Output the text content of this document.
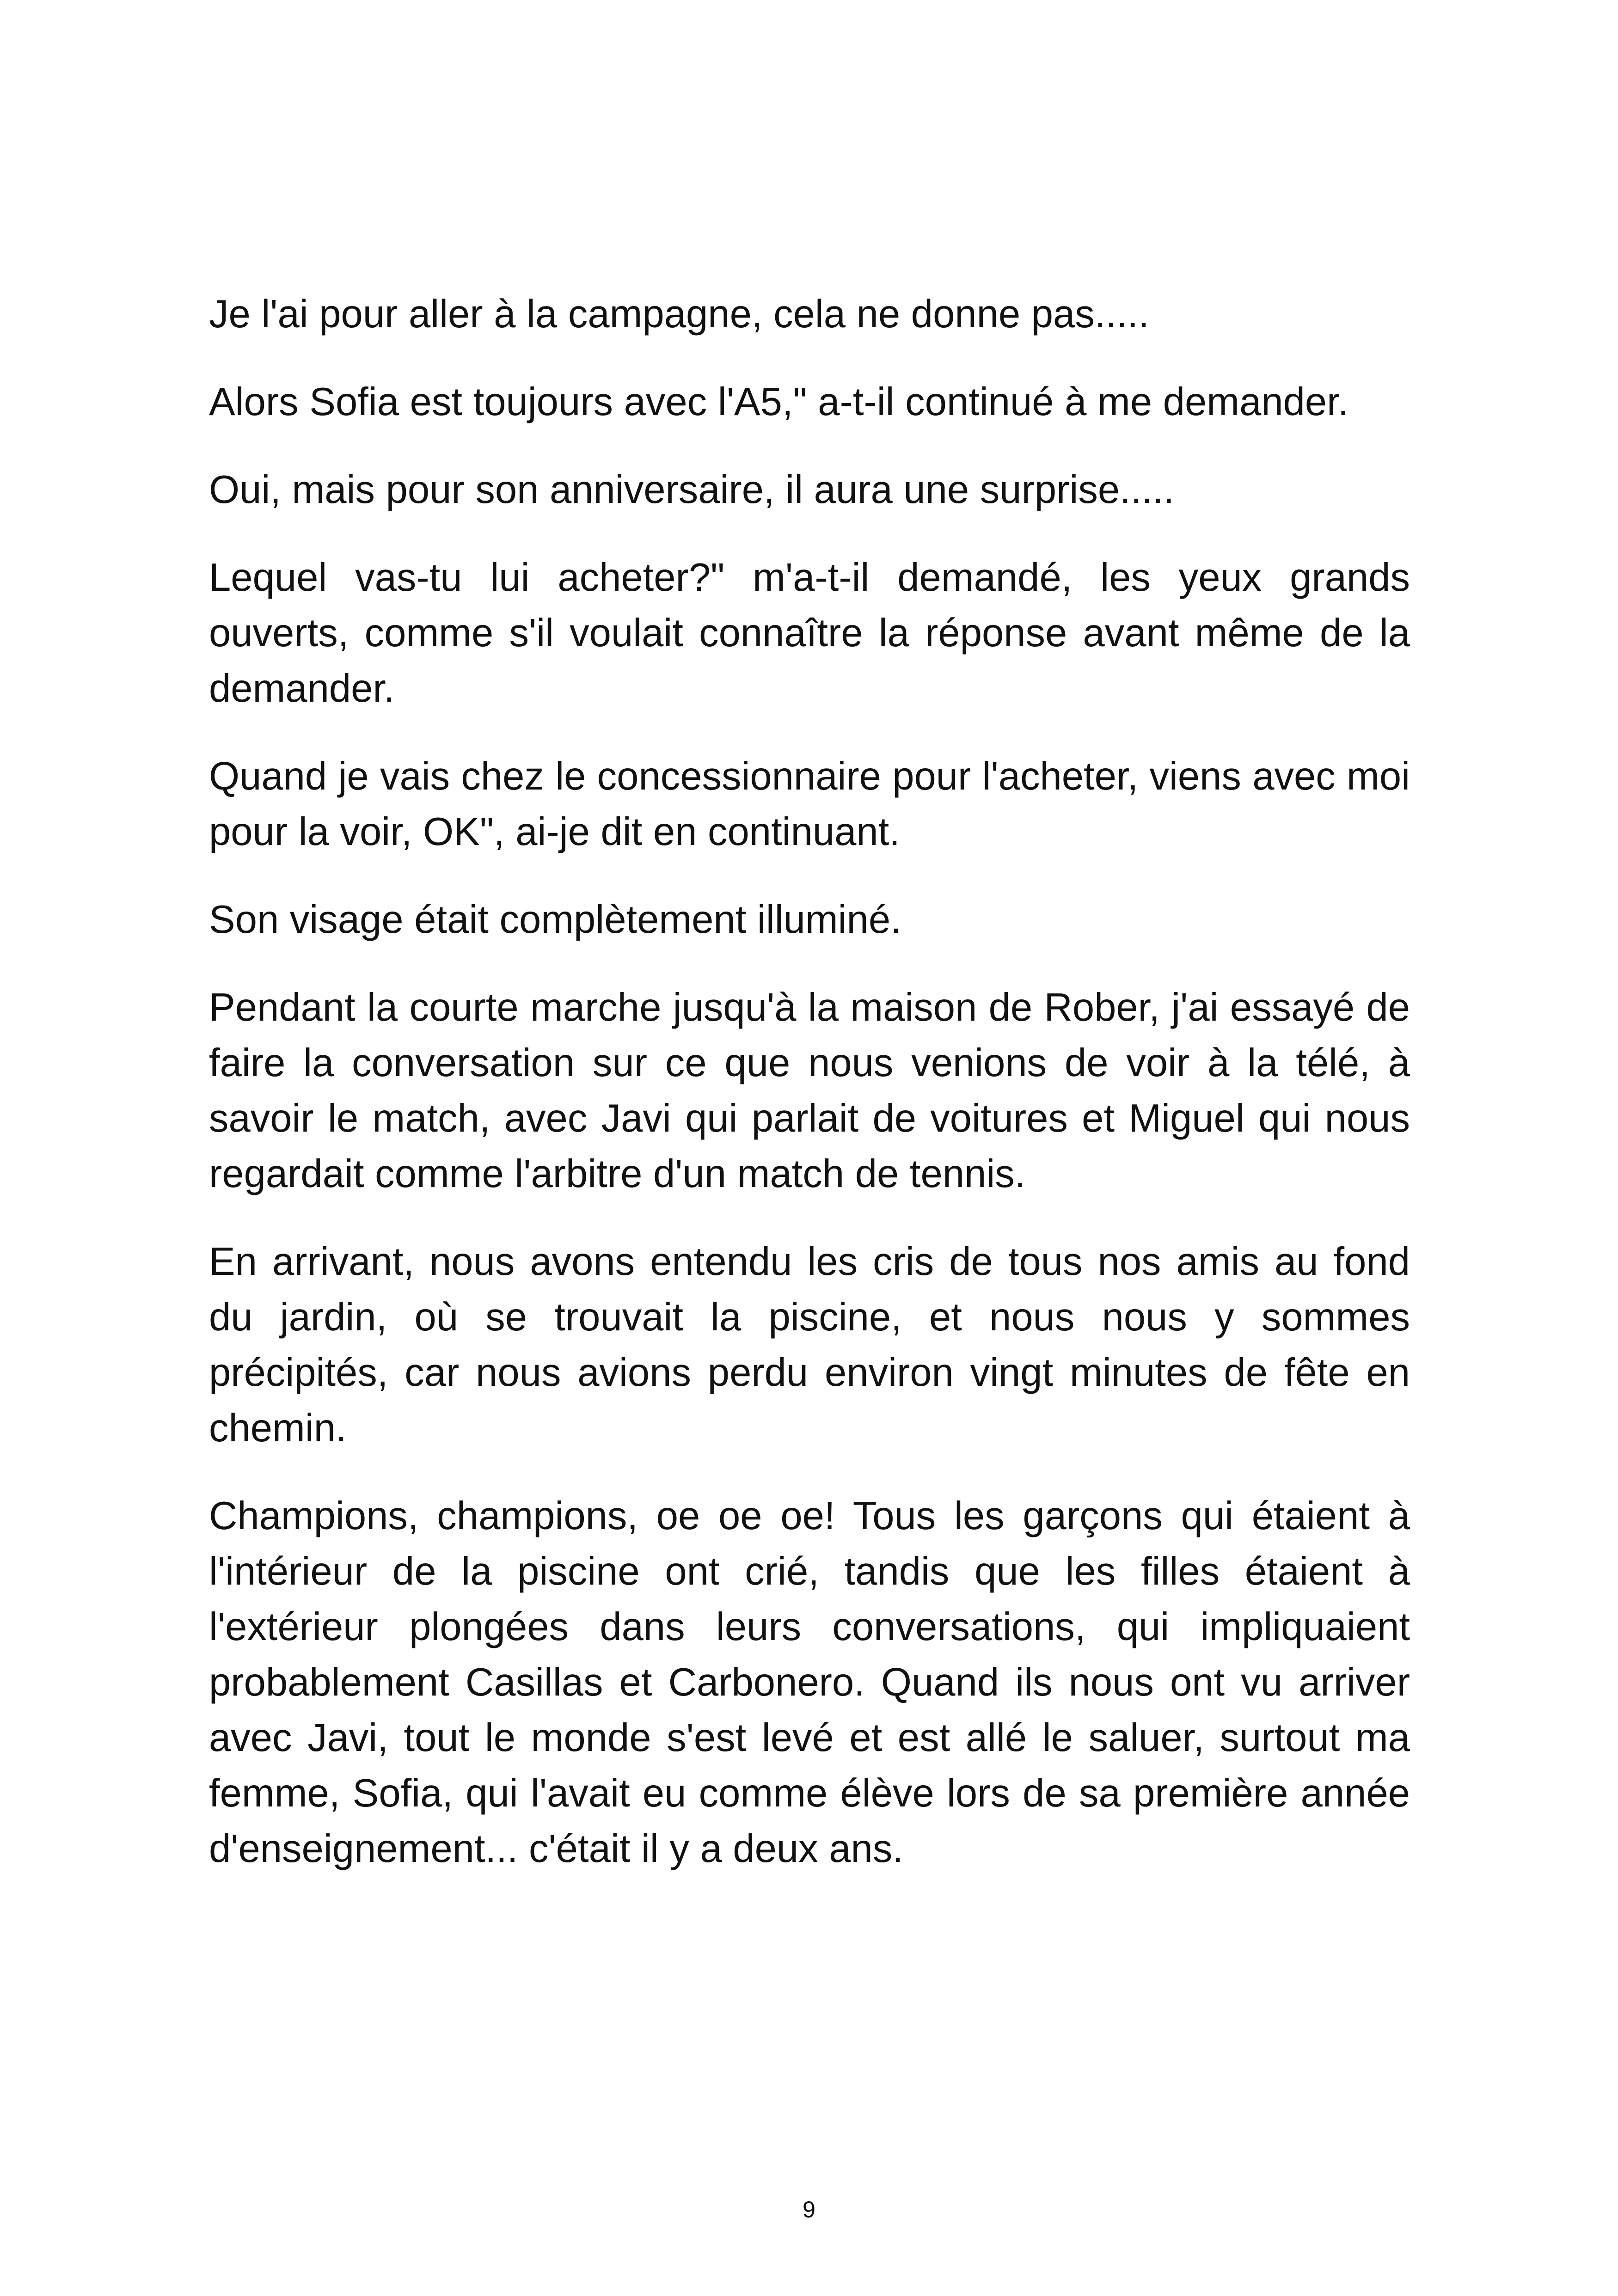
Je l'ai pour aller à la campagne, cela ne donne pas.....

Alors Sofia est toujours avec l'A5," a-t-il continué à me demander.

Oui, mais pour son anniversaire, il aura une surprise.....

Lequel vas-tu lui acheter?" m'a-t-il demandé, les yeux grands ouverts, comme s'il voulait connaître la réponse avant même de la demander.

Quand je vais chez le concessionnaire pour l'acheter, viens avec moi pour la voir, OK", ai-je dit en continuant.

Son visage était complètement illuminé.

Pendant la courte marche jusqu'à la maison de Rober, j'ai essayé de faire la conversation sur ce que nous venions de voir à la télé, à savoir le match, avec Javi qui parlait de voitures et Miguel qui nous regardait comme l'arbitre d'un match de tennis.

En arrivant, nous avons entendu les cris de tous nos amis au fond du jardin, où se trouvait la piscine, et nous nous y sommes précipités, car nous avions perdu environ vingt minutes de fête en chemin.

Champions, champions, oe oe oe! Tous les garçons qui étaient à l'intérieur de la piscine ont crié, tandis que les filles étaient à l'extérieur plongées dans leurs conversations, qui impliquaient probablement Casillas et Carbonero. Quand ils nous ont vu arriver avec Javi, tout le monde s'est levé et est allé le saluer, surtout ma femme, Sofia, qui l'avait eu comme élève lors de sa première année d'enseignement... c'était il y a deux ans.

9
